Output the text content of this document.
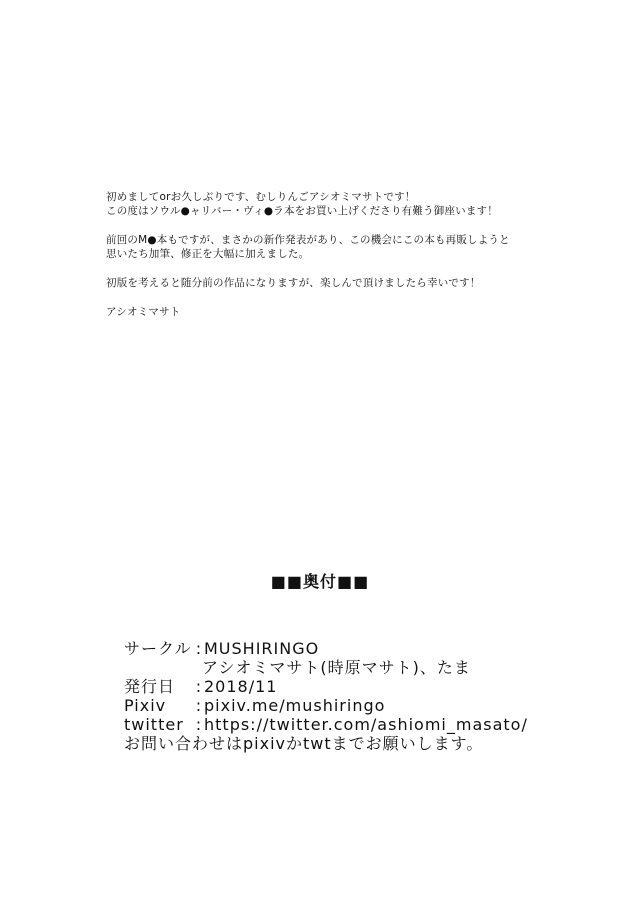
初めましてorお久しぶりです、むしりんごアシオミマサトです！

この度はソウル●ャリバー・ヴィ●ラ本をお買い上げくださり有難う御座います！

前回のM●本もですが、まさかの新作発表があり、この機会にこの本も再販しようと

思いたち加筆、修正を大幅に加えました。

初版を考えると随分前の作品になりますが、楽しんで頂けましたら幸いです！

アシオミマサト

■■奥付■■
サークル : MUSHIRINGO
アシオミマサト(時原マサト)、たま
発行日	: 2018/11
Pixiv	: pixiv.me/mushiringo
twitter : https://twitter.com/ashiomi_masato/
お問い合わせはpixivかtwtまでお願いします。
